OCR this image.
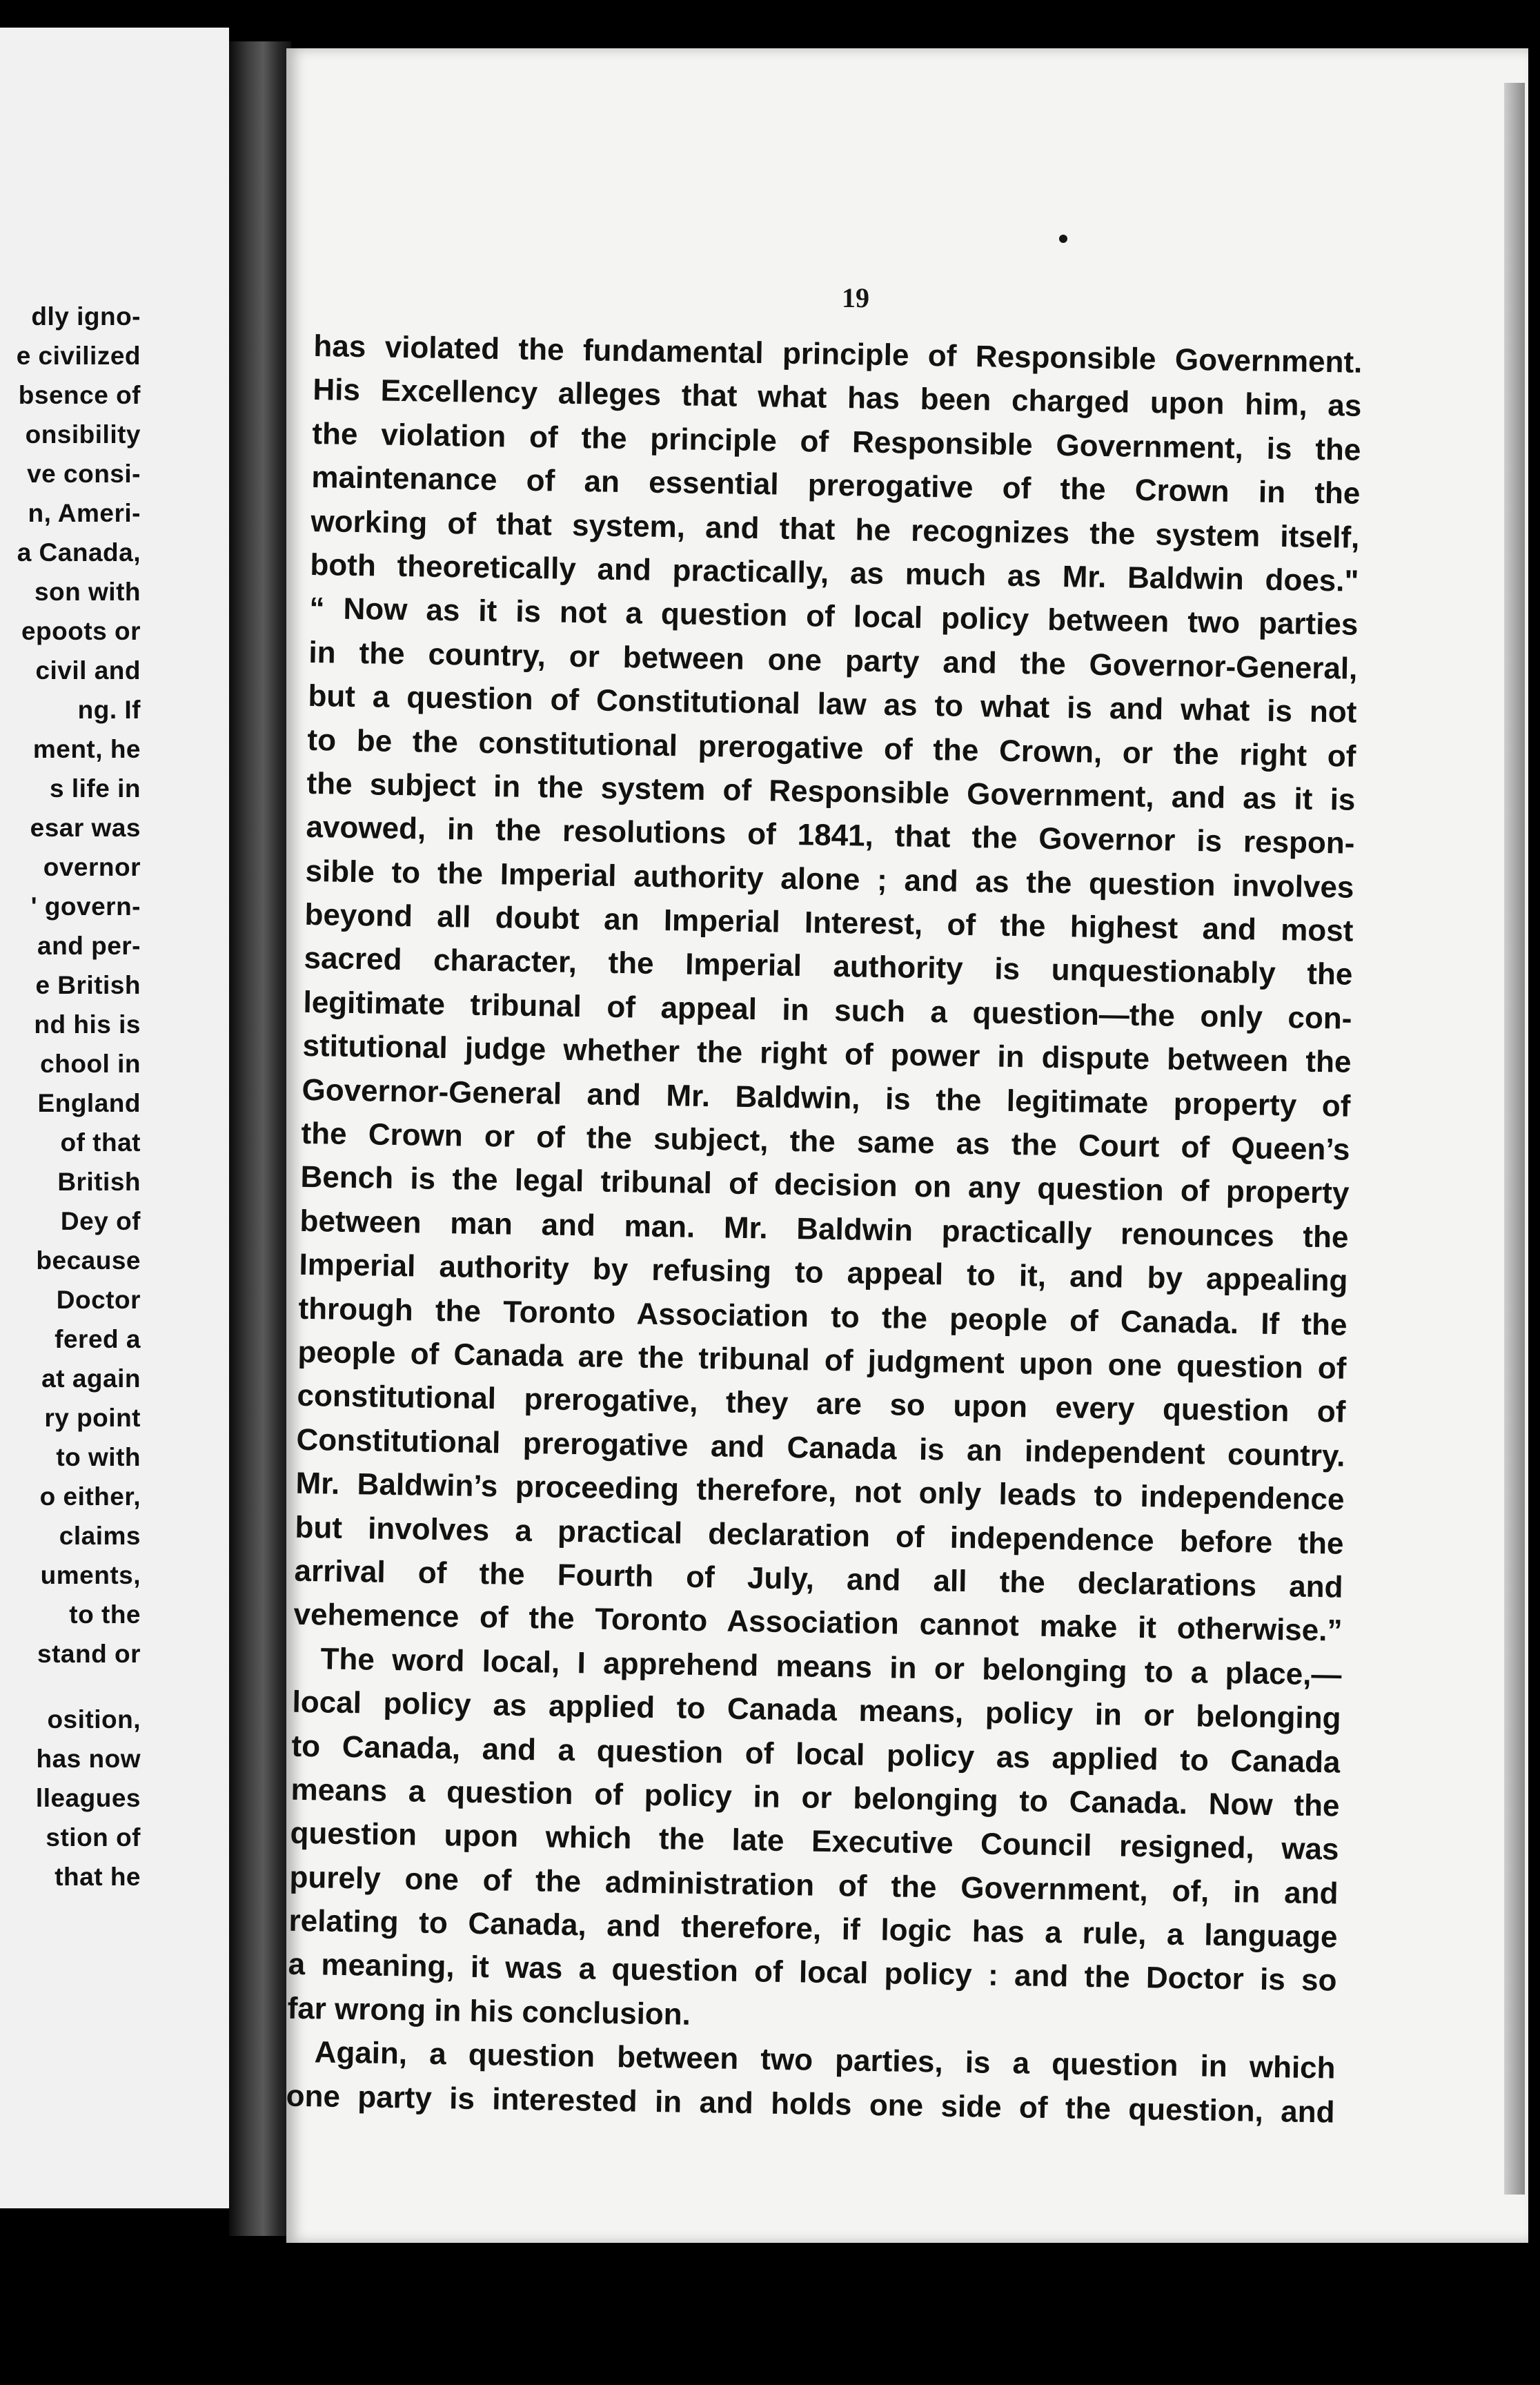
dly igno-
e civilized
bsence of
onsibility
ve consi-
n, Ameri-
a Canada,
son with
epoots or
civil and
ng. If
ment, he
s life in
esar was
overnor
' govern-
and per-
e British
nd his is
chool in
England
of that
British
Dey of
because
Doctor
fered a
at again
ry point
to with
o either,
claims
uments,
to the
stand or
osition,
has now
lleagues
stion of
that he
19
has violated the fundamental principle of Responsible Government.
His Excellency alleges that what has been charged upon him, as
the violation of the principle of Responsible Government, is the
maintenance of an essential prerogative of the Crown in the
working of that system, and that he recognizes the system itself,
both theoretically and practically, as much as Mr. Baldwin does."
“ Now as it is not a question of local policy between two parties
in the country, or between one party and the Governor-General,
but a question of Constitutional law as to what is and what is not
to be the constitutional prerogative of the Crown, or the right of
the subject in the system of Responsible Government, and as it is
avowed, in the resolutions of 1841, that the Governor is respon-
sible to the Imperial authority alone ; and as the question involves
beyond all doubt an Imperial Interest, of the highest and most
sacred character, the Imperial authority is unquestionably the
legitimate tribunal of appeal in such a question—the only con-
stitutional judge whether the right of power in dispute between the
Governor-General and Mr. Baldwin, is the legitimate property of
the Crown or of the subject, the same as the Court of Queen’s
Bench is the legal tribunal of decision on any question of property
between man and man. Mr. Baldwin practically renounces the
Imperial authority by refusing to appeal to it, and by appealing
through the Toronto Association to the people of Canada. If the
people of Canada are the tribunal of judgment upon one question of
constitutional prerogative, they are so upon every question of
Constitutional prerogative and Canada is an independent country.
Mr. Baldwin’s proceeding therefore, not only leads to independence
but involves a practical declaration of independence before the
arrival of the Fourth of July, and all the declarations and
vehemence of the Toronto Association cannot make it otherwise.”
The word local, I apprehend means in or belonging to a place,—
local policy as applied to Canada means, policy in or belonging
to Canada, and a question of local policy as applied to Canada
means a question of policy in or belonging to Canada. Now the
question upon which the late Executive Council resigned, was
purely one of the administration of the Government, of, in and
relating to Canada, and therefore, if logic has a rule, a language
a meaning, it was a question of local policy : and the Doctor is so
far wrong in his conclusion.
Again, a question between two parties, is a question in which
one party is interested in and holds one side of the question, and
